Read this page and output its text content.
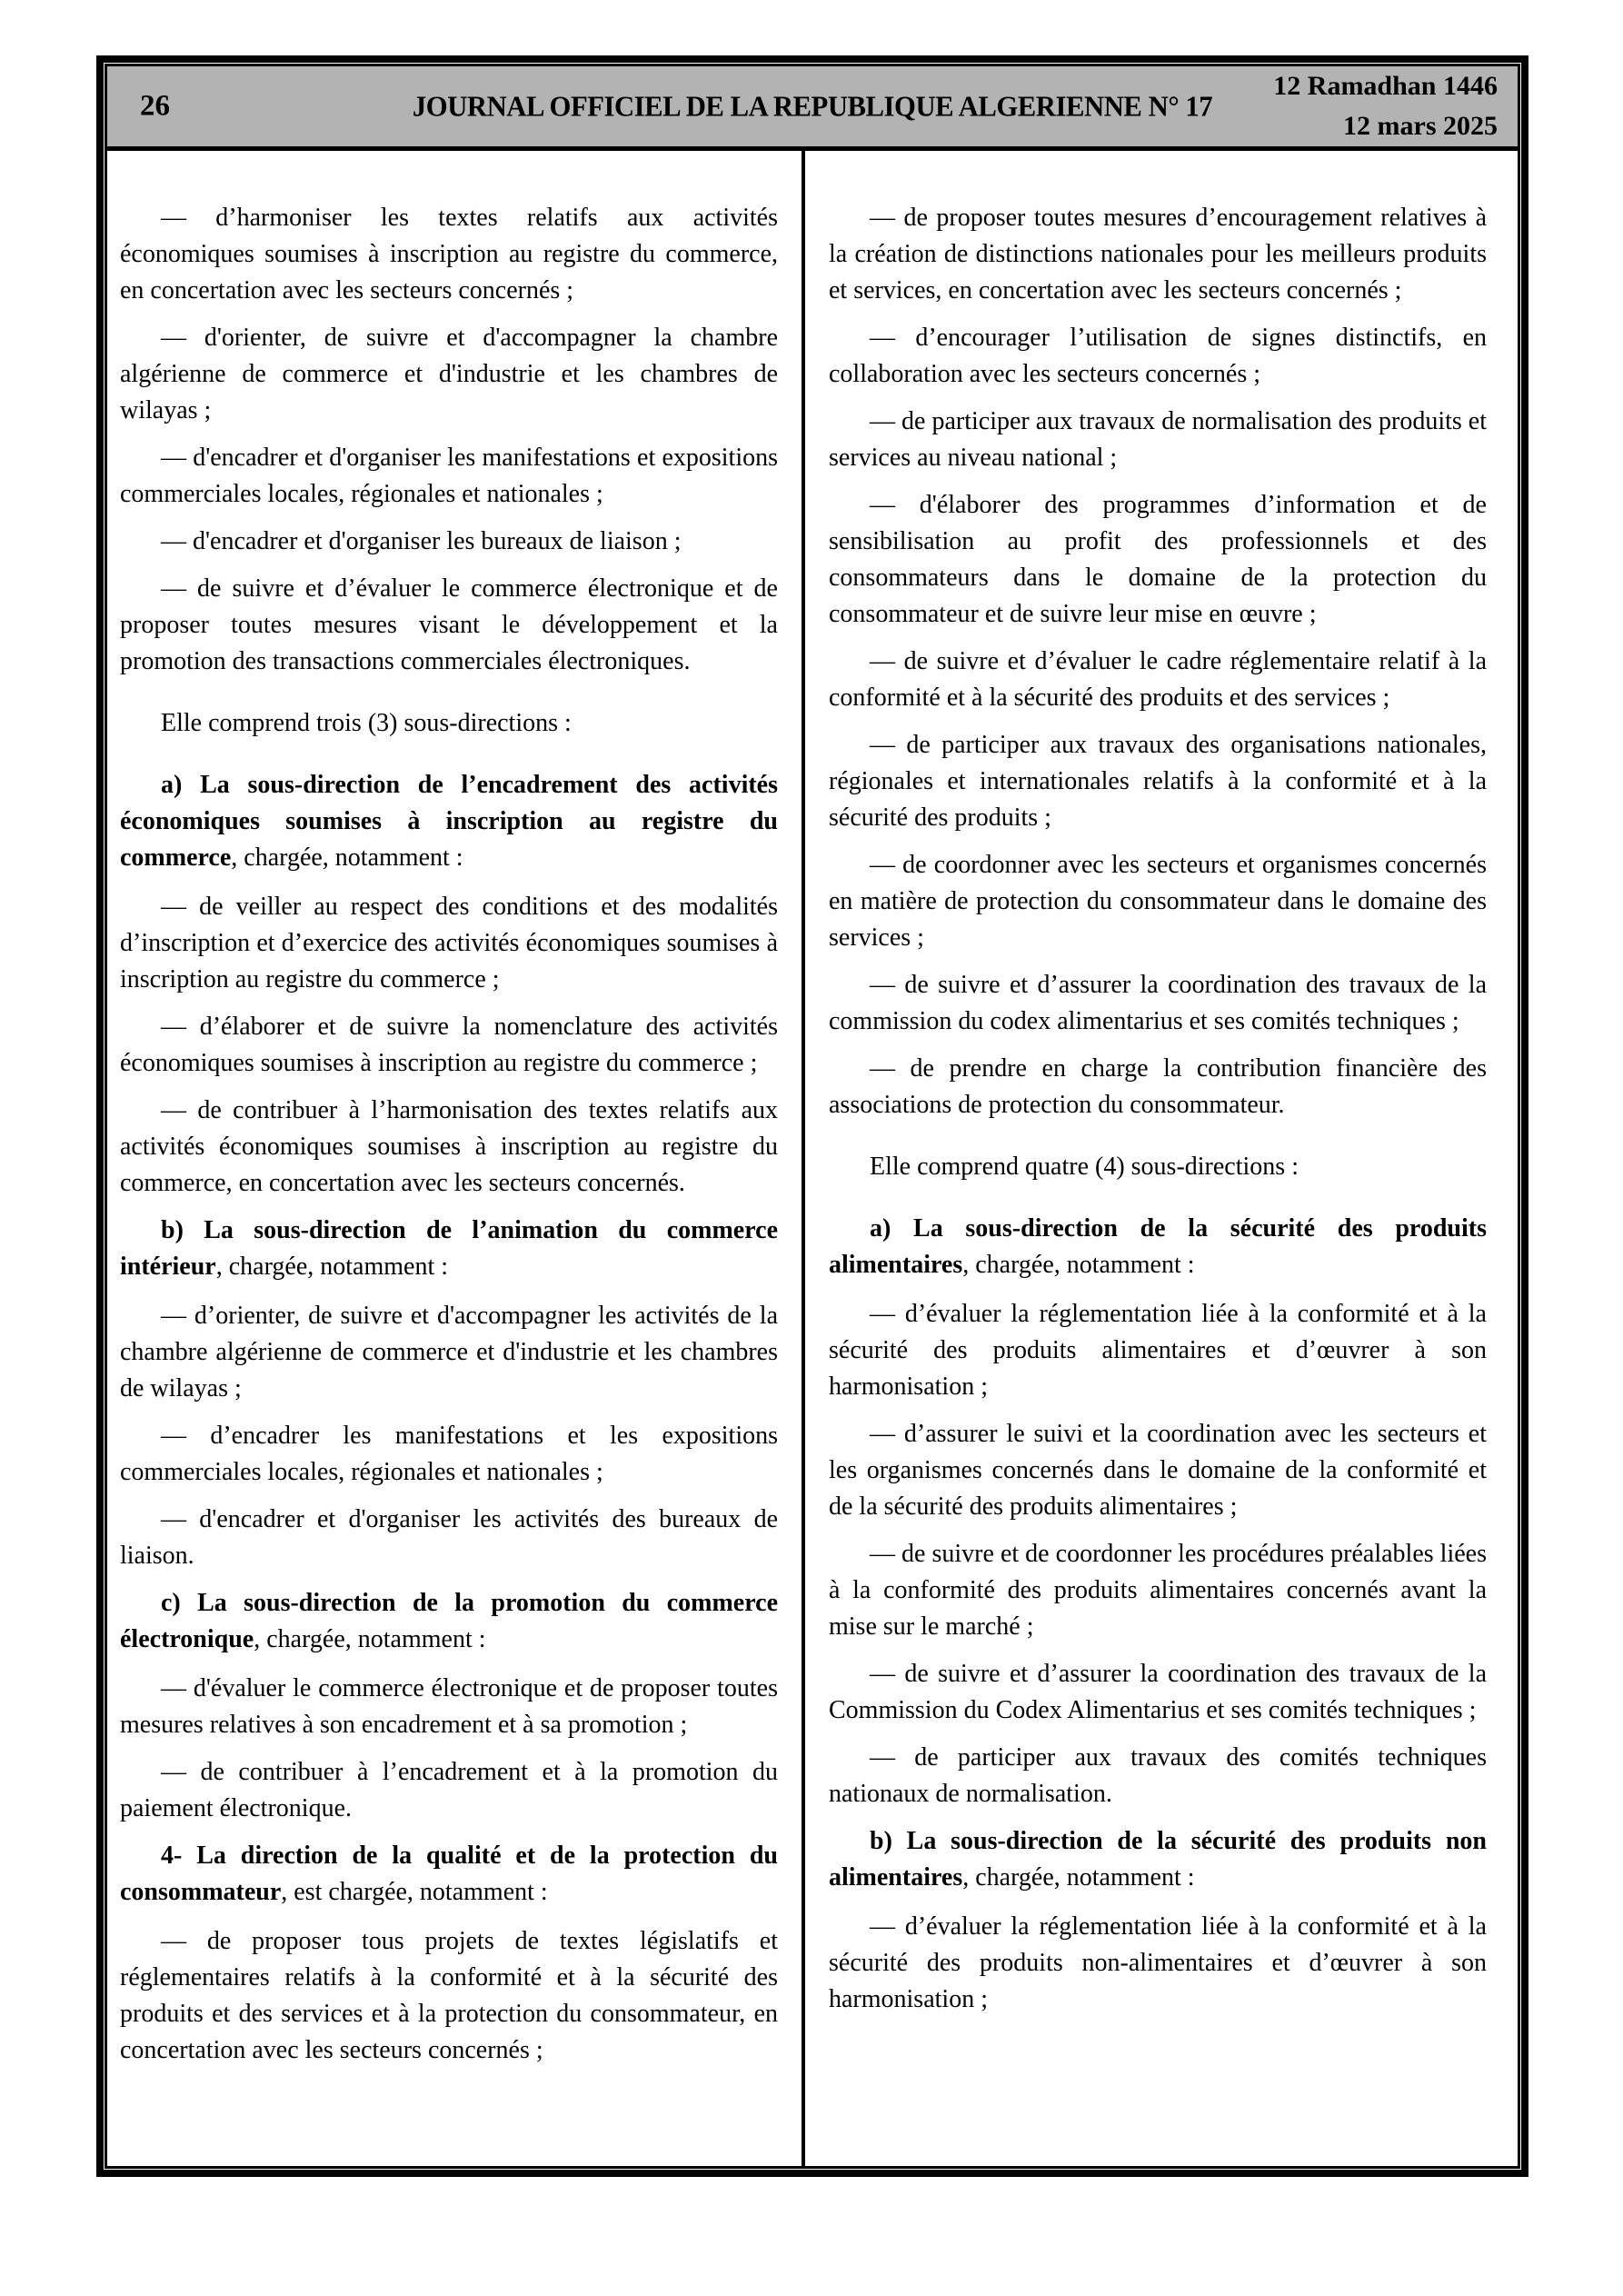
26	JOURNAL OFFICIEL DE LA REPUBLIQUE ALGERIENNE N° 17
12 Ramadhan 1446
12 mars 2025

— d’harmoniser les textes relatifs aux activités économiques soumises à inscription au registre du commerce, en concertation avec les secteurs concernés ;

— d'orienter, de suivre et d'accompagner la chambre algérienne de commerce et d'industrie et les chambres de wilayas ;

— d'encadrer et d'organiser les manifestations et expositions commerciales locales, régionales et nationales ;

— d'encadrer et d'organiser les bureaux de liaison ;

— de suivre et d’évaluer le commerce électronique et de proposer toutes mesures visant le développement et la promotion des transactions commerciales électroniques.

Elle comprend trois (3) sous-directions :

a) La sous-direction de l’encadrement des activités économiques soumises à inscription au registre du commerce, chargée, notamment :

— de veiller au respect des conditions et des modalités d’inscription et d’exercice des activités économiques soumises à inscription au registre du commerce ;

— d’élaborer et de suivre la nomenclature des activités économiques soumises à inscription au registre du commerce ;

— de contribuer à l’harmonisation des textes relatifs aux activités économiques soumises à inscription au registre du commerce, en concertation avec les secteurs concernés.

b) La sous-direction de l’animation du commerce intérieur, chargée, notamment :

— d’orienter, de suivre et d'accompagner les activités de la chambre algérienne de commerce et d'industrie et les chambres de wilayas ;

— d’encadrer les manifestations et les expositions commerciales locales, régionales et nationales ;

— d'encadrer et d'organiser les activités des bureaux de liaison.

c) La sous-direction de la promotion du commerce électronique, chargée, notamment :

— d'évaluer le commerce électronique et de proposer toutes mesures relatives à son encadrement et à sa promotion ;

— de contribuer à l’encadrement et à la promotion du paiement électronique.

4- La direction de la qualité et de la protection du consommateur, est chargée, notamment :

— de proposer tous projets de textes législatifs et réglementaires relatifs à la conformité et à la sécurité des produits et des services et à la protection du consommateur, en concertation avec les secteurs concernés ;

— de proposer toutes mesures d’encouragement relatives à la création de distinctions nationales pour les meilleurs produits et services, en concertation avec les secteurs concernés ;

— d’encourager l’utilisation de signes distinctifs, en collaboration avec les secteurs concernés ;

— de participer aux travaux de normalisation des produits et services au niveau national ;

— d'élaborer des programmes d’information et de sensibilisation au profit des professionnels et des consommateurs dans le domaine de la protection du consommateur et de suivre leur mise en œuvre ;

— de suivre et d’évaluer le cadre réglementaire relatif à la conformité et à la sécurité des produits et des services ;

— de participer aux travaux des organisations nationales, régionales et internationales relatifs à la conformité et à la sécurité des produits ;

— de coordonner avec les secteurs et organismes concernés en matière de protection du consommateur dans le domaine des services ;

— de suivre et d’assurer la coordination des travaux de la commission du codex alimentarius et ses comités techniques ;

— de prendre en charge la contribution financière des associations de protection du consommateur.

Elle comprend quatre (4) sous-directions :

a) La sous-direction de la sécurité des produits alimentaires, chargée, notamment :

— d’évaluer la réglementation liée à la conformité et à la sécurité des produits alimentaires et d’œuvrer à son harmonisation ;

— d’assurer le suivi et la coordination avec les secteurs et les organismes concernés dans le domaine de la conformité et de la sécurité des produits alimentaires ;

— de suivre et de coordonner les procédures préalables liées à la conformité des produits alimentaires concernés avant la mise sur le marché ;

— de suivre et d’assurer la coordination des travaux de la Commission du Codex Alimentarius et ses comités techniques ;

— de participer aux travaux des comités techniques nationaux de normalisation.

b) La sous-direction de la sécurité des produits non alimentaires, chargée, notamment :

— d’évaluer la réglementation liée à la conformité et à la sécurité des produits non-alimentaires et d’œuvrer à son harmonisation ;
